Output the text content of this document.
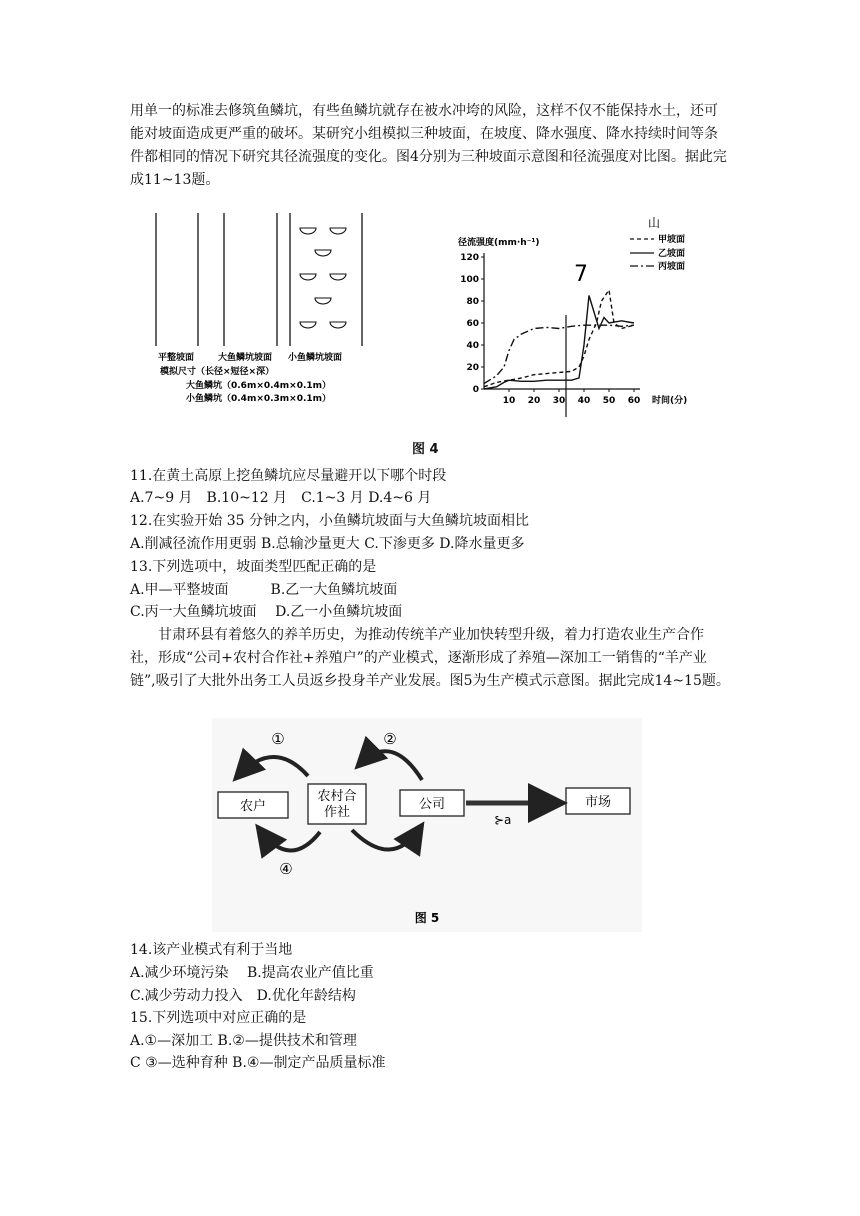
用单一的标准去修筑鱼鳞坑，有些鱼鳞坑就存在被水冲垮的风险，这样不仅不能保持水土，还可能对坡面造成更严重的破坏。某研究小组模拟三种坡面，在坡度、降水强度、降水持续时间等条件都相同的情况下研究其径流强度的变化。图4分别为三种坡面示意图和径流强度对比图。据此完成11~13题。

平整坡面	大鱼鳞坑坡面 小鱼鳞坑坡面
模拟尺寸（长径×短径×深）
大鱼鳞坑（0.6m×0.4m×0.1m）
小鱼鳞坑（0.4m×0.3m×0.1m）
径流强度(mm·h⁻¹)
时间(分)
0
20
40
60
80
100
120
10 20 30 40 50 60
7
山
甲坡面
乙坡面
丙坡面
图 4
11.在黄土高原上挖鱼鳞坑应尽量避开以下哪个时段
A.7~9 月　B.10~12 月　C.1~3 月 D.4~6 月
12.在实验开始 35 分钟之内，小鱼鳞坑坡面与大鱼鳞坑坡面相比
A.削减径流作用更弱 B.总输沙量更大 C.下渗更多 D.降水量更多
13.下列选项中，坡面类型匹配正确的是
A.甲—平整坡面　　　B.乙一大鱼鳞坑坡面
C.丙一大鱼鳞坑坡面　 D.乙一小鱼鳞坑坡面

甘肃环县有着悠久的养羊历史，为推动传统羊产业加快转型升级，着力打造农业生产合作社，形成“公司+农村合作社+养殖户”的产业模式，逐渐形成了养殖—深加工一销售的“羊产业链”,吸引了大批外出务工人员返乡投身羊产业发展。图5为生产模式示意图。据此完成14~15题。

农户
农村合作社
公司	市场
⊱a
①	②
④
图 5
14.该产业模式有利于当地
A.减少环境污染　 B.提高农业产值比重
C.减少劳动力投入　D.优化年龄结构
15.下列选项中对应正确的是
A.①—深加工 B.②—提供技术和管理
C ③—选种育种 B.④—制定产品质量标准
